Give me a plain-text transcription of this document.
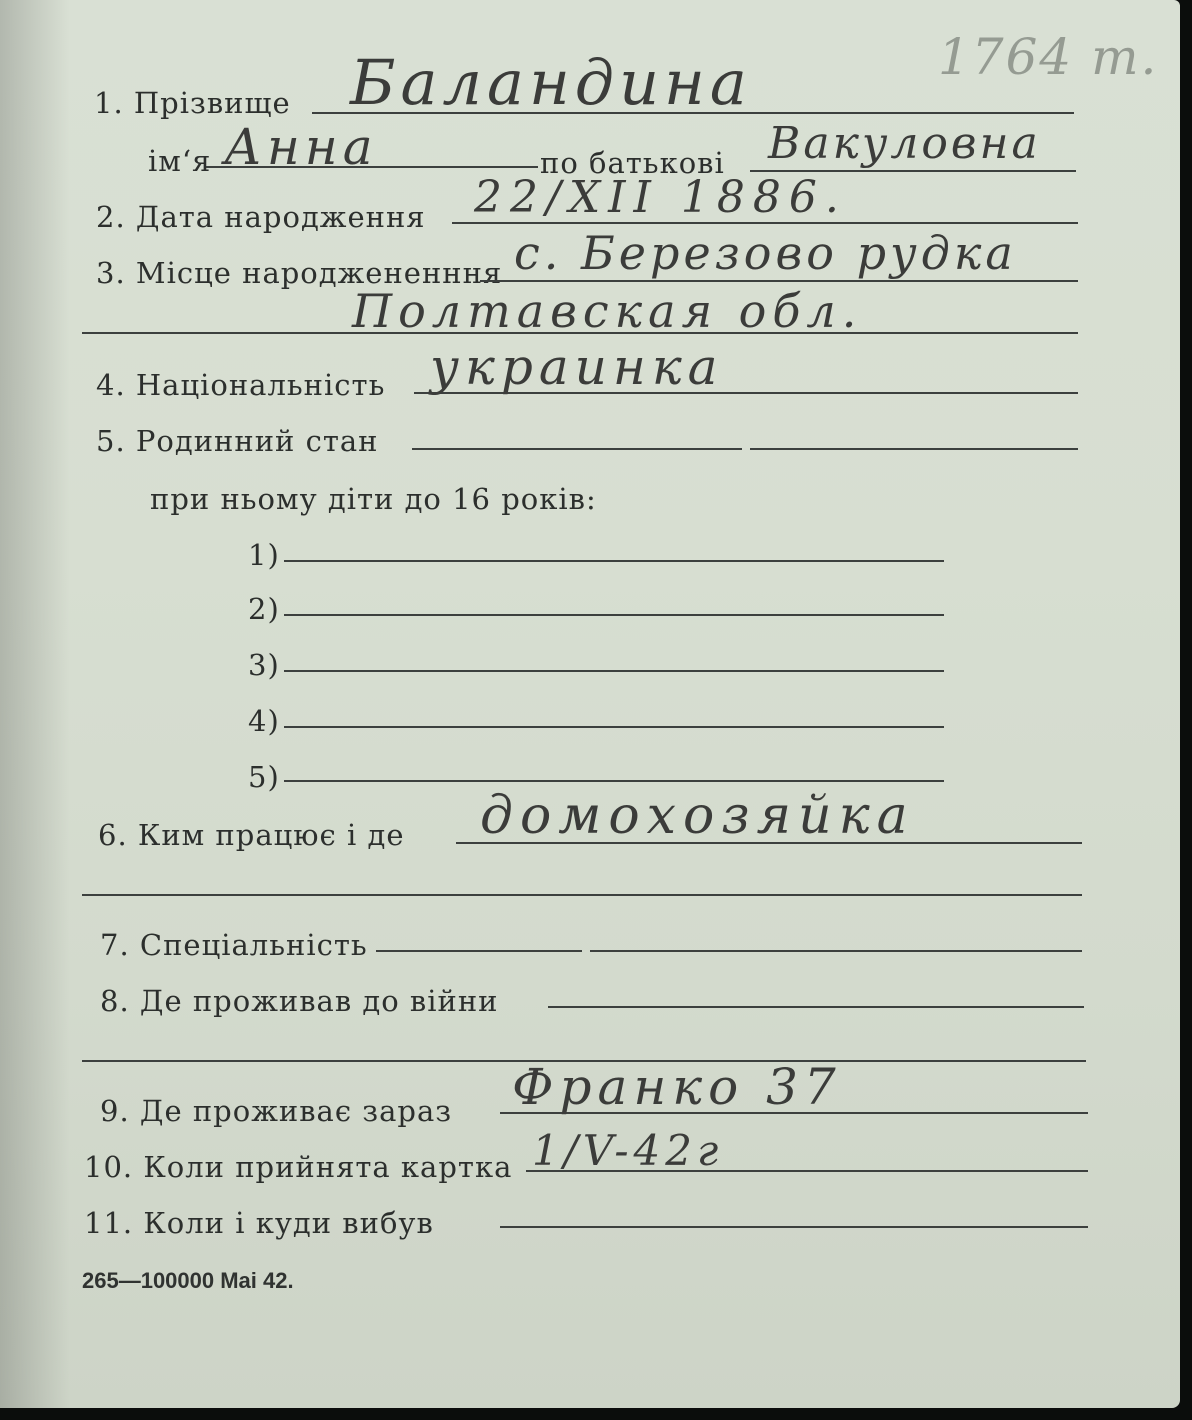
1764 m.
1. Прізвище Баландина
ім‘я Анна	по батькові Вакуловна
2. Дата народження 22/XII 1886.
3. Місце народжененння с. Березово рудка
Полтавская обл.
4. Національність украинка
5. Родинний стан
при ньому діти до 16 років:
1)
2)
3)
4)
5)
6. Ким працює і де домохозяйка
7. Спеціальність
8. Де проживав до війни
9. Де проживає зараз Франко 37
10. Коли прийнята картка 1/V-42г
11. Коли і куди вибув
265—100000 Mai 42.
